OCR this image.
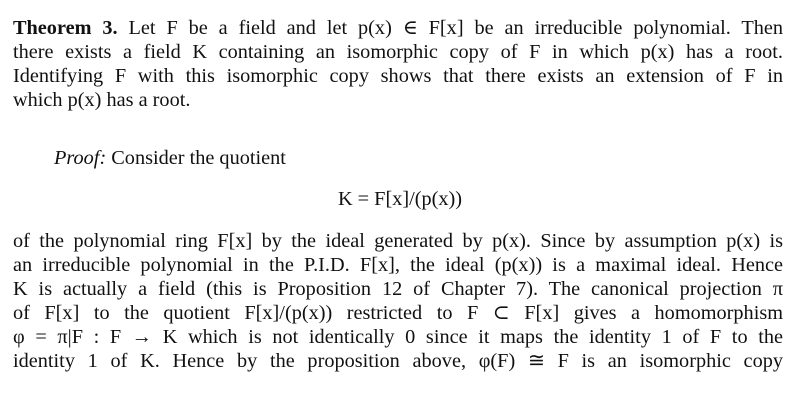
Theorem 3. Let F be a field and let p(x) ∈ F[x] be an irreducible polynomial. Then
there exists a field K containing an isomorphic copy of F in which p(x) has a root.
Identifying F with this isomorphic copy shows that there exists an extension of F in
which p(x) has a root.
Proof: Consider the quotient
K = F[x]/(p(x))
of the polynomial ring F[x] by the ideal generated by p(x). Since by assumption p(x) is
an irreducible polynomial in the P.I.D. F[x], the ideal (p(x)) is a maximal ideal. Hence
K is actually a field (this is Proposition 12 of Chapter 7). The canonical projection π
of F[x] to the quotient F[x]/(p(x)) restricted to F ⊂ F[x] gives a homomorphism
φ = π|F : F → K which is not identically 0 since it maps the identity 1 of F to the
identity 1 of K. Hence by the proposition above, φ(F) ≅ F is an isomorphic copy
